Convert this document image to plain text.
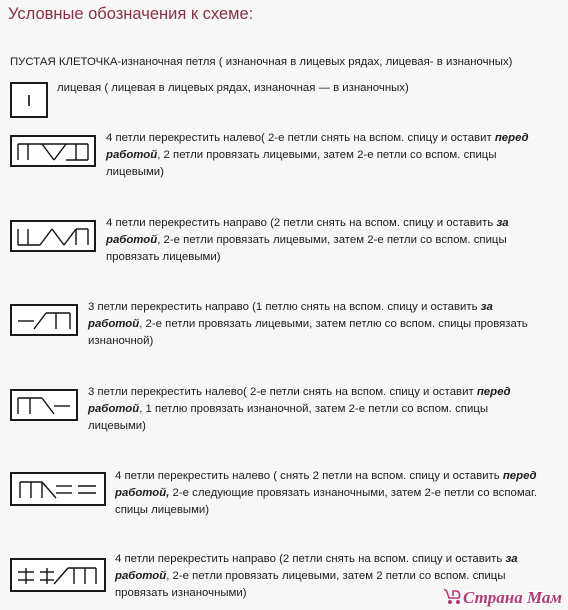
Условные обозначения к схеме:
ПУСТАЯ КЛЕТОЧКА-изнаночная петля ( изнаночная в лицевых рядах, лицевая- в изнаночных)
лицевая ( лицевая в лицевых рядах, изнаночная — в изнаночных)
4 петли перекрестить налево( 2-е петли снять на вспом. спицу и оставит перед работой, 2 петли провязать лицевыми, затем 2-е петли со вспом. спицы лицевыми)
4 петли перекрестить направо (2 петли снять на вспом. спицу и оставить за работой, 2-е петли провязать лицевыми, затем 2-е петли со вспом. спицы провязать лицевыми)
3 петли перекрестить направо (1 петлю снять на вспом. спицу и оставить за работой, 2-е петли провязать лицевыми, затем петлю со вспом. спицы провязать изнаночной)
3 петли перекрестить налево( 2-е петли снять на вспом. спицу и оставит перед работой, 1 петлю провязать изнаночной, затем 2-е петли со вспом. спицы лицевыми)
4 петли перекрестить налево ( снять 2 петли на вспом. спицу и оставить перед работой, 2-е следующие провязать изнаночными, затем 2-е петли со вспомаг. спицы лицевыми)
4 петли перекрестить направо (2 петли снять на вспом. спицу и оставить за работой, 2-е петли провязать лицевыми, затем 2 петли со вспом. спицы провязать изнаночными)	Страна Мам
